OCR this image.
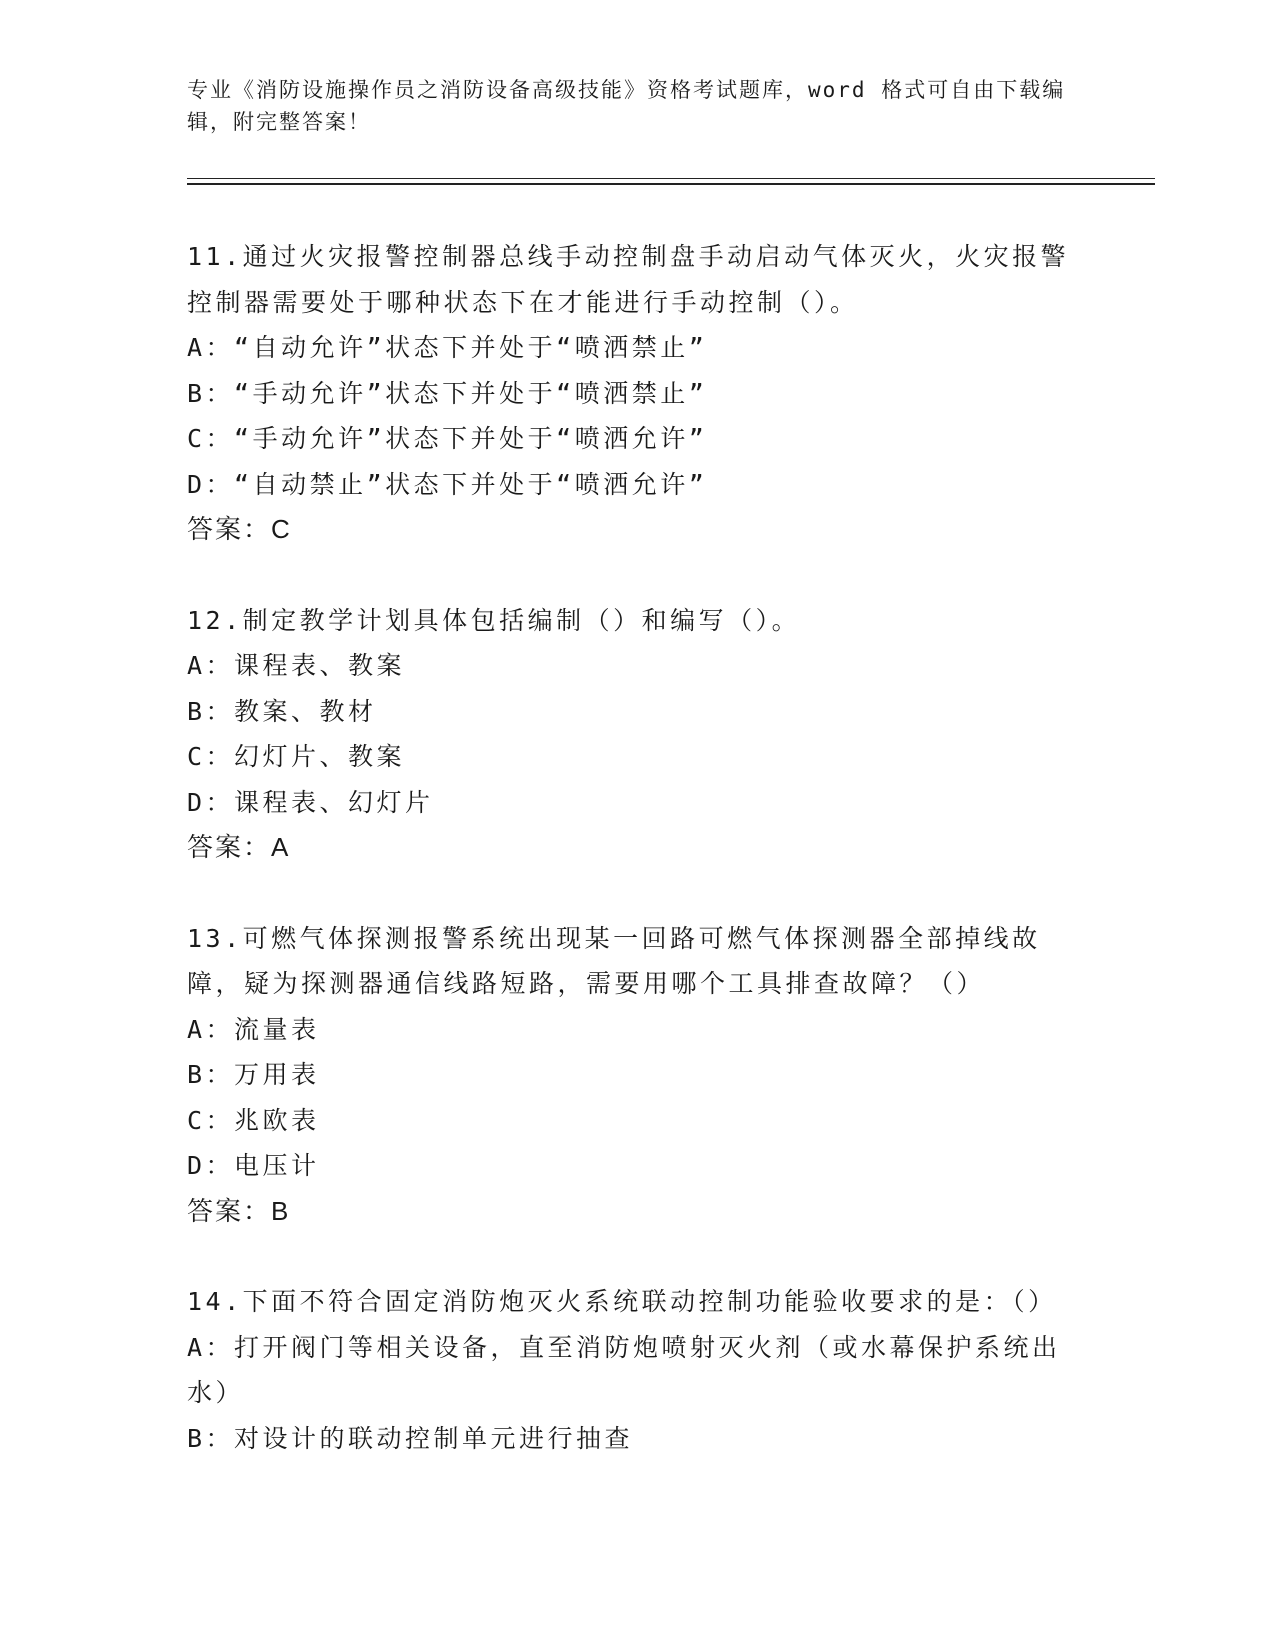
专业《消防设施操作员之消防设备高级技能》资格考试题库，word 格式可自由下载编辑，附完整答案！
11.通过火灾报警控制器总线手动控制盘手动启动气体灭火，火灾报警控制器需要处于哪种状态下在才能进行手动控制（）。
A：“自动允许”状态下并处于“喷洒禁止”
B：“手动允许”状态下并处于“喷洒禁止”
C：“手动允许”状态下并处于“喷洒允许”
D：“自动禁止”状态下并处于“喷洒允许”
答案：C
12.制定教学计划具体包括编制（）和编写（）。
A：课程表、教案
B：教案、教材
C：幻灯片、教案
D：课程表、幻灯片
答案：A
13.可燃气体探测报警系统出现某一回路可燃气体探测器全部掉线故障，疑为探测器通信线路短路，需要用哪个工具排查故障？（）
A：流量表
B：万用表
C：兆欧表
D：电压计
答案：B
14.下面不符合固定消防炮灭火系统联动控制功能验收要求的是：（）
A：打开阀门等相关设备，直至消防炮喷射灭火剂（或水幕保护系统出水）
B：对设计的联动控制单元进行抽查
